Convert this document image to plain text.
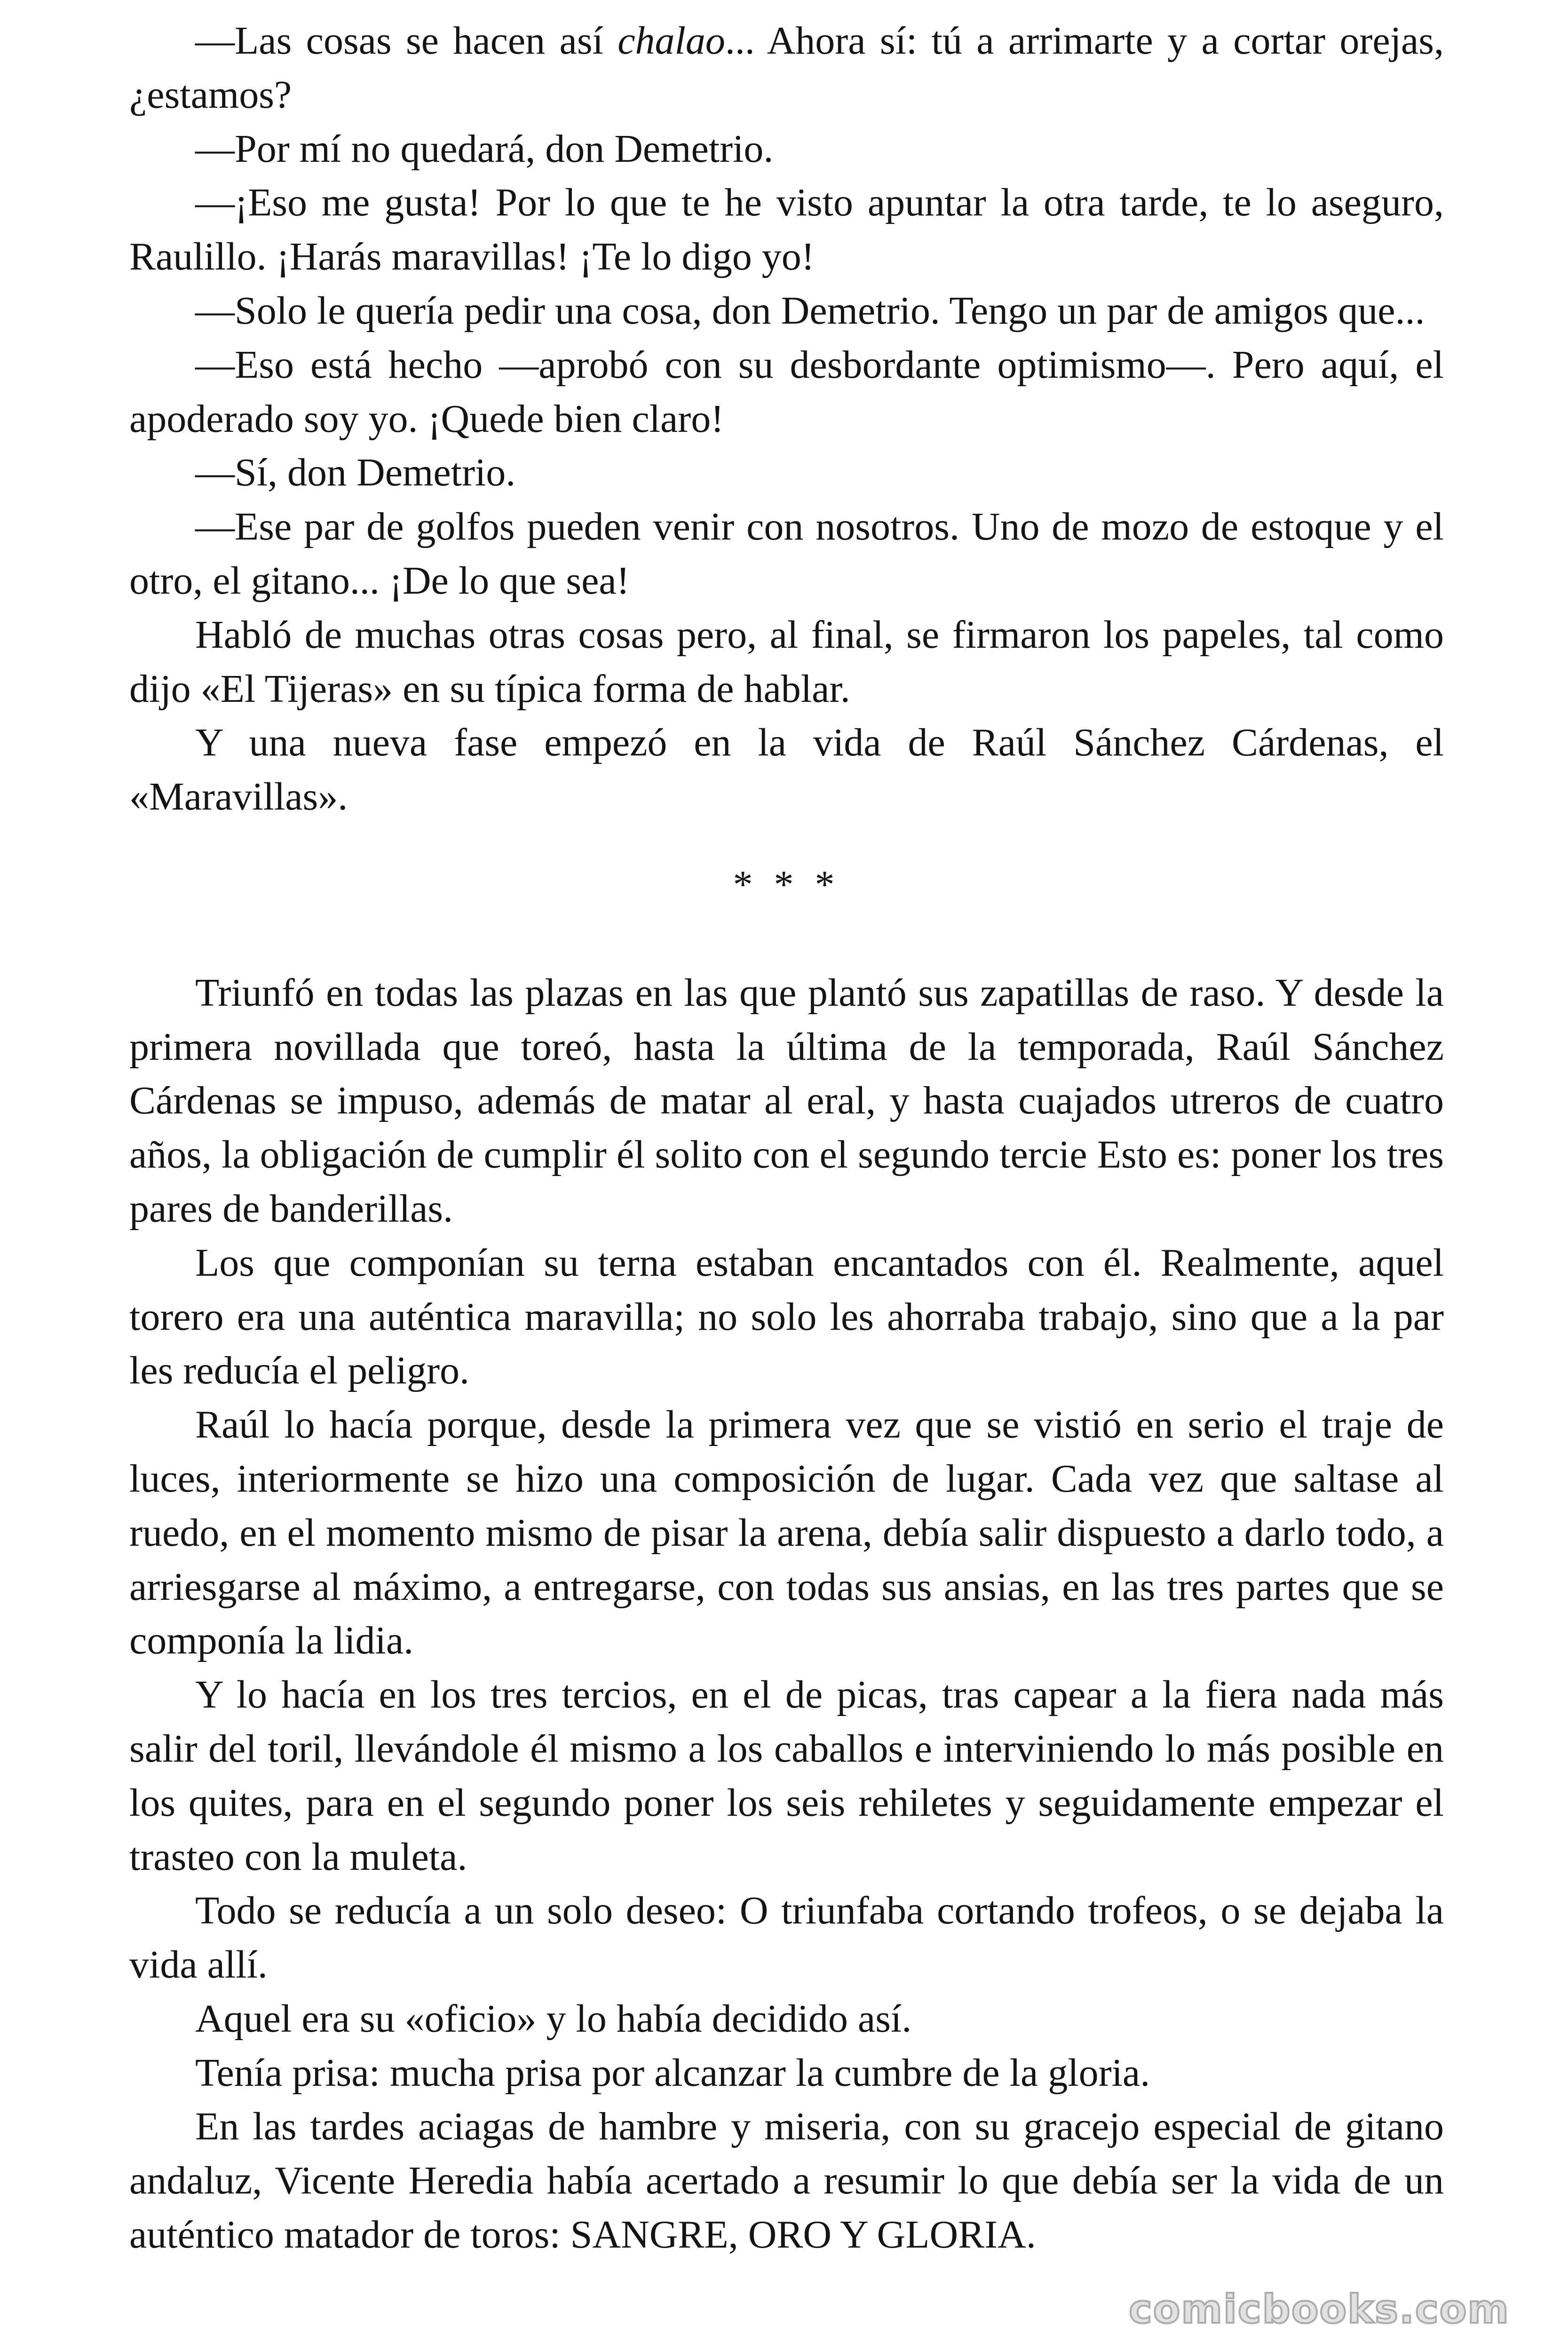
—Las cosas se hacen así chalao... Ahora sí: tú a arrimarte y a cortar orejas, ¿estamos?

—Por mí no quedará, don Demetrio.

—¡Eso me gusta! Por lo que te he visto apuntar la otra tarde, te lo aseguro, Raulillo. ¡Harás maravillas! ¡Te lo digo yo!

—Solo le quería pedir una cosa, don Demetrio. Tengo un par de amigos que...

—Eso está hecho —aprobó con su desbordante optimismo—. Pero aquí, el apoderado soy yo. ¡Quede bien claro!

—Sí, don Demetrio.

—Ese par de golfos pueden venir con nosotros. Uno de mozo de estoque y el otro, el gitano... ¡De lo que sea!

Habló de muchas otras cosas pero, al final, se firmaron los papeles, tal como dijo «El Tijeras» en su típica forma de hablar.

Y una nueva fase empezó en la vida de Raúl Sánchez Cárdenas, el «Maravillas».

* * *

Triunfó en todas las plazas en las que plantó sus zapatillas de raso. Y desde la primera novillada que toreó, hasta la última de la temporada, Raúl Sánchez Cárdenas se impuso, además de matar al eral, y hasta cuajados utreros de cuatro años, la obligación de cumplir él solito con el segundo tercie Esto es: poner los tres pares de banderillas.

Los que componían su terna estaban encantados con él. Realmente, aquel torero era una auténtica maravilla; no solo les ahorraba trabajo, sino que a la par les reducía el peligro.

Raúl lo hacía porque, desde la primera vez que se vistió en serio el traje de luces, interiormente se hizo una composición de lugar. Cada vez que saltase al ruedo, en el momento mismo de pisar la arena, debía salir dispuesto a darlo todo, a arriesgarse al máximo, a entregarse, con todas sus ansias, en las tres partes que se componía la lidia.

Y lo hacía en los tres tercios, en el de picas, tras capear a la fiera nada más salir del toril, llevándole él mismo a los caballos e interviniendo lo más posible en los quites, para en el segundo poner los seis rehiletes y seguidamente empezar el trasteo con la muleta.

Todo se reducía a un solo deseo: O triunfaba cortando trofeos, o se dejaba la vida allí.

Aquel era su «oficio» y lo había decidido así.

Tenía prisa: mucha prisa por alcanzar la cumbre de la gloria.

En las tardes aciagas de hambre y miseria, con su gracejo especial de gitano andaluz, Vicente Heredia había acertado a resumir lo que debía ser la vida de un auténtico matador de toros: SANGRE, ORO Y GLORIA.

comicbooks.com
